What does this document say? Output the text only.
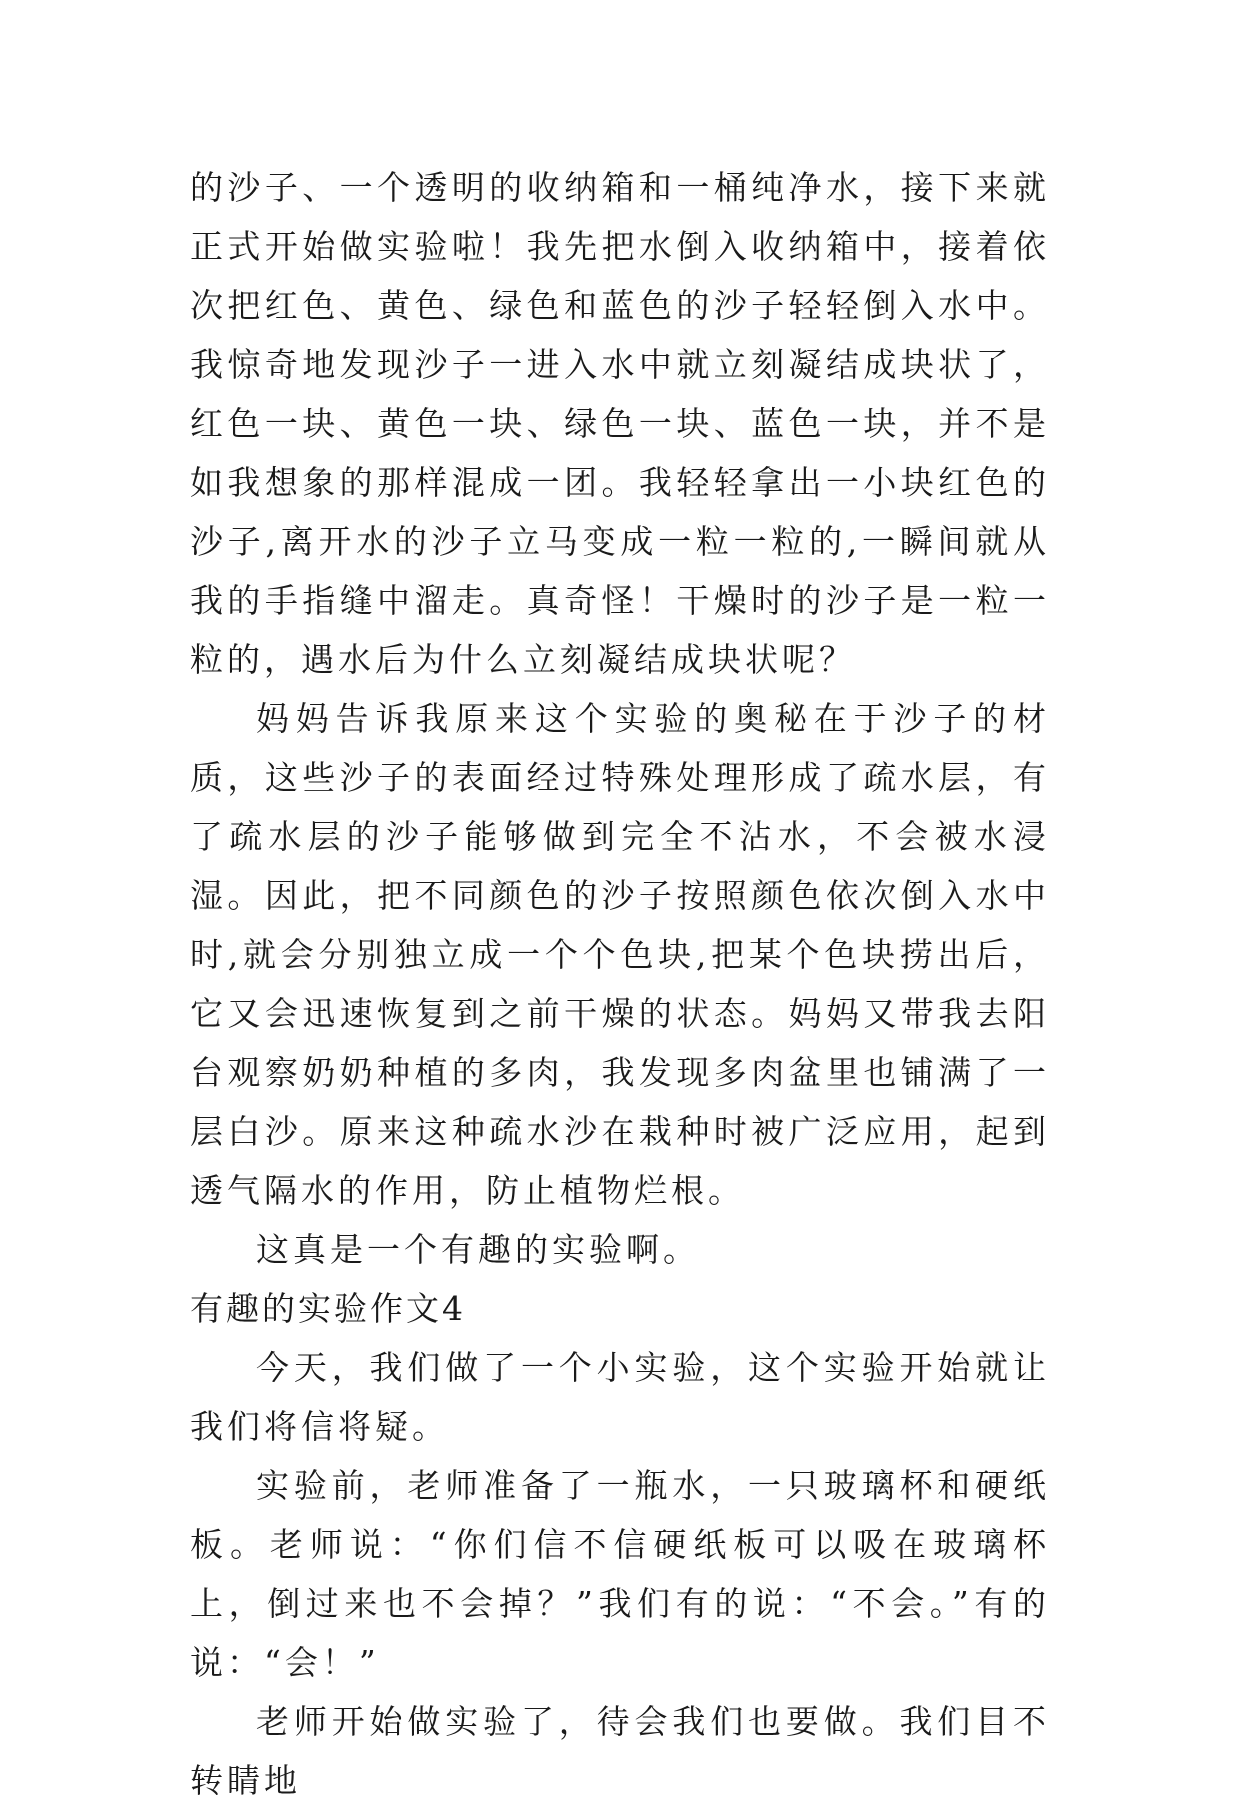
的沙子、一个透明的收纳箱和一桶纯净水，接下来就正式开始做实验啦！我先把水倒入收纳箱中，接着依次把红色、黄色、绿色和蓝色的沙子轻轻倒入水中。我惊奇地发现沙子一进入水中就立刻凝结成块状了，红色一块、黄色一块、绿色一块、蓝色一块，并不是如我想象的那样混成一团。我轻轻拿出一小块红色的沙子,离开水的沙子立马变成一粒一粒的,一瞬间就从我的手指缝中溜走。真奇怪！干燥时的沙子是一粒一粒的，遇水后为什么立刻凝结成块状呢？

妈妈告诉我原来这个实验的奥秘在于沙子的材质，这些沙子的表面经过特殊处理形成了疏水层，有了疏水层的沙子能够做到完全不沾水，不会被水浸湿。因此，把不同颜色的沙子按照颜色依次倒入水中时,就会分别独立成一个个色块,把某个色块捞出后，它又会迅速恢复到之前干燥的状态。妈妈又带我去阳台观察奶奶种植的多肉，我发现多肉盆里也铺满了一层白沙。原来这种疏水沙在栽种时被广泛应用，起到透气隔水的作用，防止植物烂根。

这真是一个有趣的实验啊。

有趣的实验作文4

今天，我们做了一个小实验，这个实验开始就让我们将信将疑。

实验前，老师准备了一瓶水，一只玻璃杯和硬纸板。老师说：“你们信不信硬纸板可以吸在玻璃杯上，倒过来也不会掉？”我们有的说：“不会。”有的说：“会！”

老师开始做实验了，待会我们也要做。我们目不转睛地
